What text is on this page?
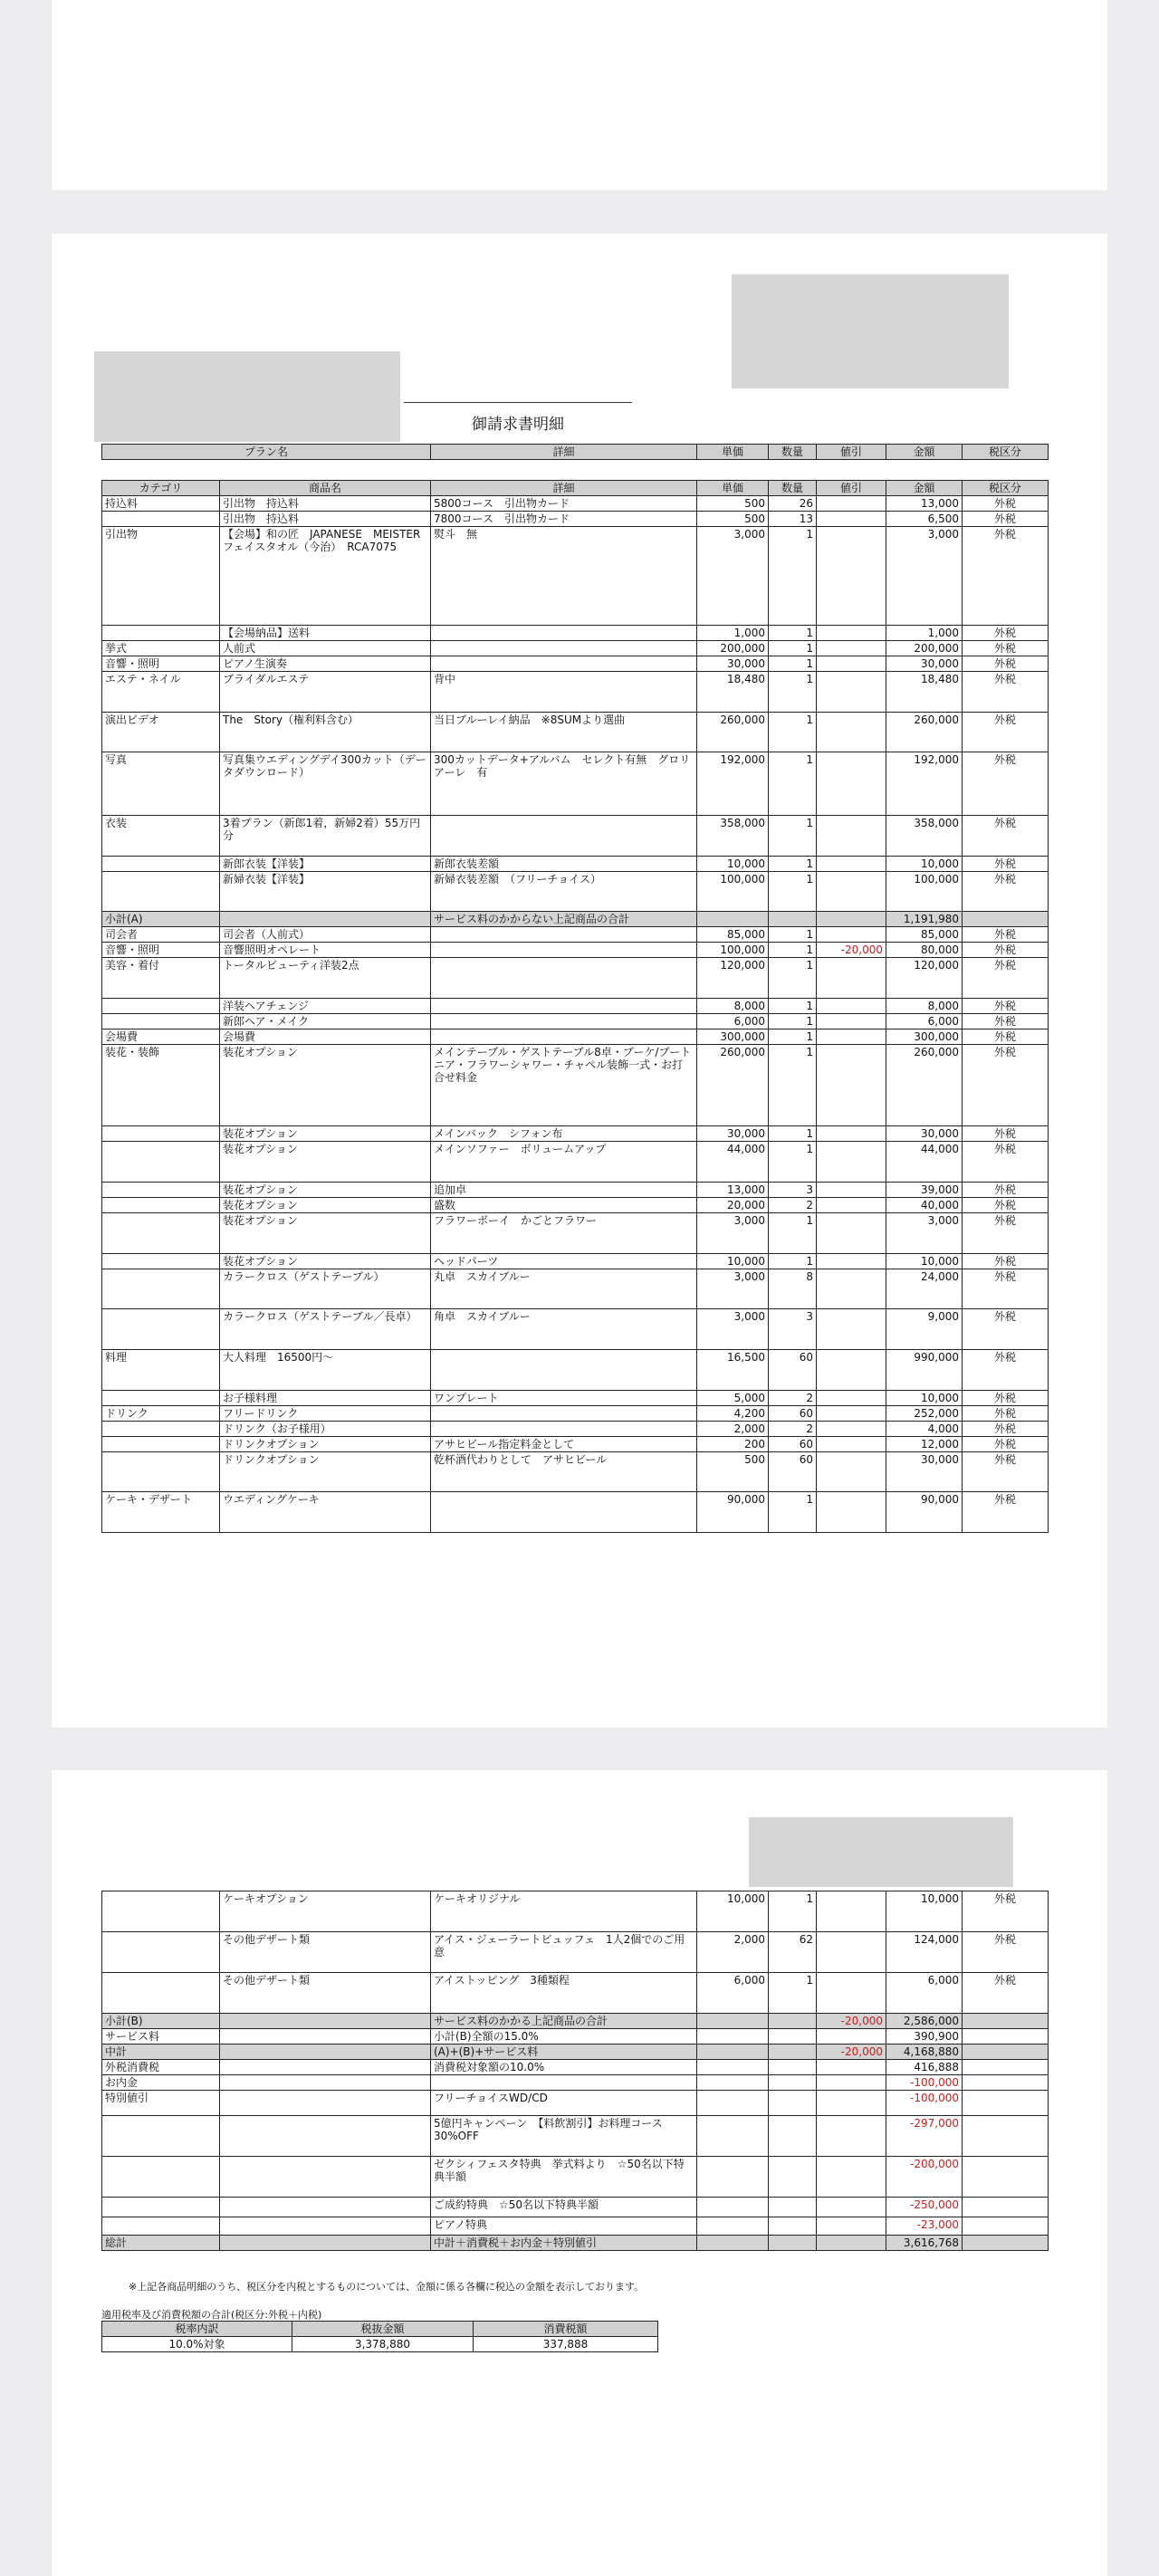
御請求書明細
プラン名	詳細	単価	数量	値引	金額	税区分
カテゴリ	商品名	詳細	単価	数量	値引	金額	税区分
持込料	引出物　持込料	5800コース　引出物カード	500	26		13,000	外税
	引出物　持込料	7800コース　引出物カード	500	13		6,500	外税
引出物	【会場】和の匠　JAPANESE　MEISTERフェイスタオル（今治）　RCA7075	熨斗　無	3,000	1		3,000	外税
	【会場納品】送料		1,000	1		1,000	外税
挙式	人前式		200,000	1		200,000	外税
音響・照明	ピアノ生演奏		30,000	1		30,000	外税
エステ・ネイル	ブライダルエステ	背中	18,480	1		18,480	外税
演出ビデオ	The　Story（権利料含む）	当日ブルーレイ納品　※8SUMより選曲	260,000	1		260,000	外税
写真	写真集ウエディングデイ300カット（データダウンロード）	300カットデータ+アルバム　セレクト有無　グロリアーレ　有	192,000	1		192,000	外税
衣装	3着プラン（新郎1着，新婦2着）55万円分		358,000	1		358,000	外税
	新郎衣装【洋装】	新郎衣装差額	10,000	1		10,000	外税
	新婦衣装【洋装】	新婦衣装差額　（フリーチョイス）	100,000	1		100,000	外税
小計(A)		サービス料のかからない上記商品の合計				1,191,980	
司会者	司会者（人前式）		85,000	1		85,000	外税
音響・照明	音響照明オペレート		100,000	1	-20,000	80,000	外税
美容・着付	トータルビューティ洋装2点		120,000	1		120,000	外税
	洋装ヘアチェンジ		8,000	1		8,000	外税
	新郎ヘア・メイク		6,000	1		6,000	外税
会場費	会場費		300,000	1		300,000	外税
装花・装飾	装花オプション	メインテーブル・ゲストテーブル8卓・ブーケ/ブートニア・フラワーシャワー・チャペル装飾一式・お打合せ料金	260,000	1		260,000	外税
	装花オプション	メインバック　シフォン布	30,000	1		30,000	外税
	装花オプション	メインソファー　ボリュームアップ	44,000	1		44,000	外税
	装花オプション	追加卓	13,000	3		39,000	外税
	装花オプション	盛数	20,000	2		40,000	外税
	装花オプション	フラワーボーイ　かごとフラワー	3,000	1		3,000	外税
	装花オプション	ヘッドパーツ	10,000	1		10,000	外税
	カラークロス（ゲストテーブル）	丸卓　スカイブルー	3,000	8		24,000	外税
	カラークロス（ゲストテーブル／長卓）	角卓　スカイブルー	3,000	3		9,000	外税
料理	大人料理　16500円～		16,500	60		990,000	外税
	お子様料理	ワンプレート	5,000	2		10,000	外税
ドリンク	フリードリンク		4,200	60		252,000	外税
	ドリンク（お子様用）		2,000	2		4,000	外税
	ドリンクオプション	アサヒビール指定料金として	200	60		12,000	外税
	ドリンクオプション	乾杯酒代わりとして　アサヒビール	500	60		30,000	外税
ケーキ・デザート	ウエディングケーキ		90,000	1		90,000	外税
	ケーキオプション	ケーキオリジナル	10,000	1		10,000	外税
	その他デザート類	アイス・ジェーラートビュッフェ　1人2個でのご用意	2,000	62		124,000	外税
	その他デザート類	アイストッピング　3種類程	6,000	1		6,000	外税
小計(B)		サービス料のかかる上記商品の合計			-20,000	2,586,000	
サービス料		小計(B)全額の15.0%				390,900	
中計		(A)+(B)+サービス料			-20,000	4,168,880	
外税消費税		消費税対象額の10.0%				416,888	
お内金						-100,000	
特別値引		フリーチョイスWD/CD				-100,000	
		5億円キャンペーン　【料飲割引】お料理コース30%OFF				-297,000	
		ゼクシィフェスタ特典　挙式料より　☆50名以下特典半額				-200,000	
		ご成約特典　☆50名以下特典半額				-250,000	
		ピアノ特典				-23,000	
総計		中計＋消費税＋お内金＋特別値引				3,616,768	
※上記各商品明細のうち、税区分を内税とするものについては、金額に係る各欄に税込の金額を表示しております。
適用税率及び消費税額の合計(税区分:外税＋内税)
税率内訳	税抜金額	消費税額
10.0%対象	3,378,880	337,888
